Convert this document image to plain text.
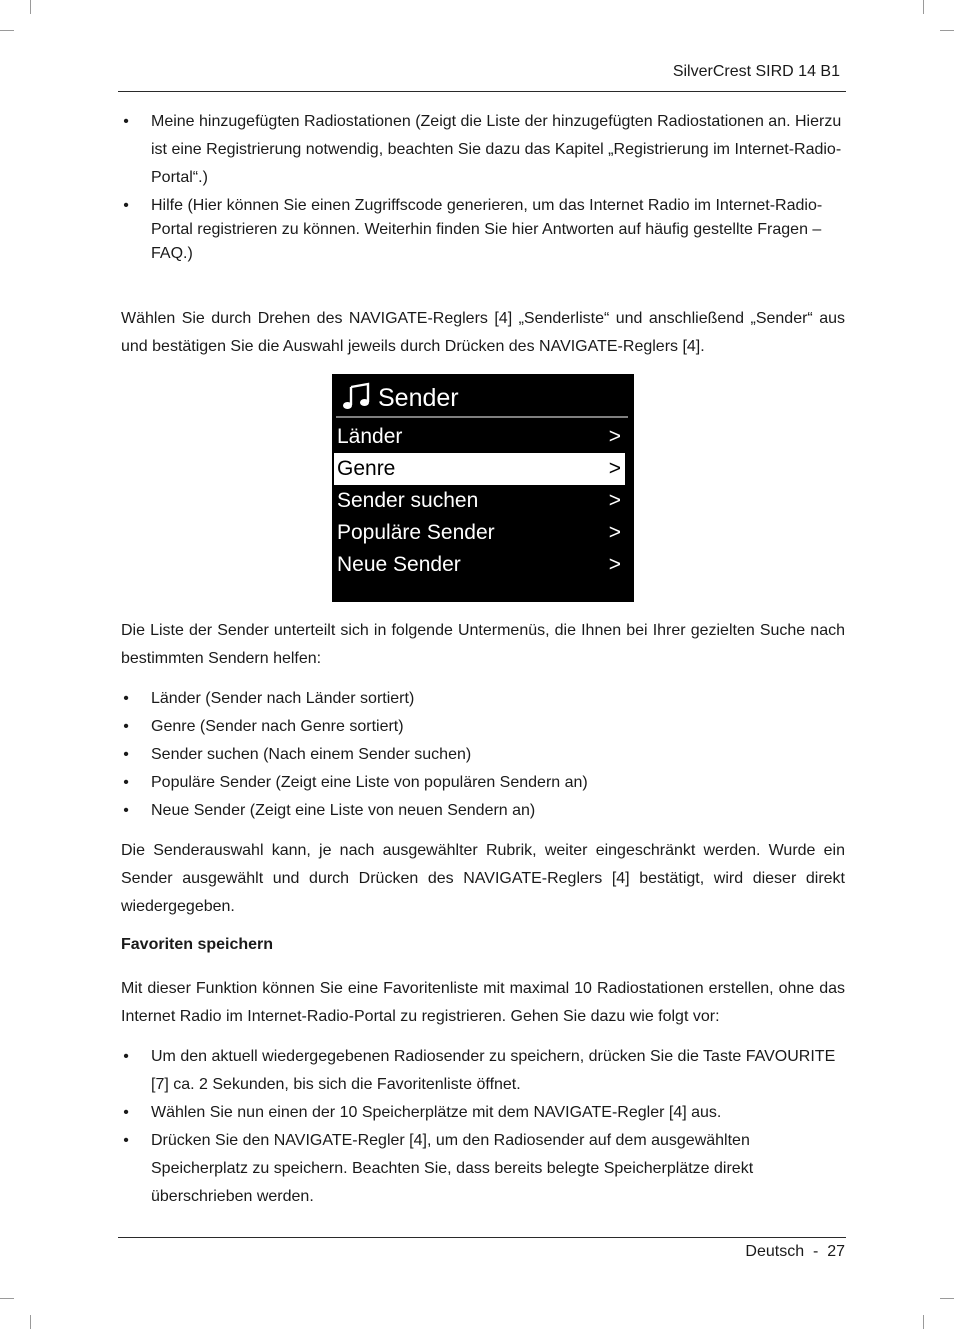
SilverCrest SIRD 14 B1
• Meine hinzugefügten Radiostationen (Zeigt die Liste der hinzugefügten Radiostationen an. Hierzu ist eine Registrierung notwendig, beachten Sie dazu das Kapitel „Registrierung im Internet-Radio-Portal“.)
• Hilfe (Hier können Sie einen Zugriffscode generieren, um das Internet Radio im Internet-Radio-Portal registrieren zu können. Weiterhin finden Sie hier Antworten auf häufig gestellte Fragen – FAQ.)
Wählen Sie durch Drehen des NAVIGATE-Reglers [4] „Senderliste“ und anschließend „Sender“ aus und bestätigen Sie die Auswahl jeweils durch Drücken des NAVIGATE-Reglers [4].
Sender
Länder	>
Genre	>
Sender suchen	>
Populäre Sender	>
Neue Sender	>
Die Liste der Sender unterteilt sich in folgende Untermenüs, die Ihnen bei Ihrer gezielten Suche nach bestimmten Sendern helfen:
• Länder (Sender nach Länder sortiert)
• Genre (Sender nach Genre sortiert)
• Sender suchen (Nach einem Sender suchen)
• Populäre Sender (Zeigt eine Liste von populären Sendern an)
• Neue Sender (Zeigt eine Liste von neuen Sendern an)
Die Senderauswahl kann, je nach ausgewählter Rubrik, weiter eingeschränkt werden. Wurde ein Sender ausgewählt und durch Drücken des NAVIGATE-Reglers [4] bestätigt, wird dieser direkt wiedergegeben.
Favoriten speichern
Mit dieser Funktion können Sie eine Favoritenliste mit maximal 10 Radiostationen erstellen, ohne das Internet Radio im Internet-Radio-Portal zu registrieren. Gehen Sie dazu wie folgt vor:
• Um den aktuell wiedergegebenen Radiosender zu speichern, drücken Sie die Taste FAVOURITE [7] ca. 2 Sekunden, bis sich die Favoritenliste öffnet.
• Wählen Sie nun einen der 10 Speicherplätze mit dem NAVIGATE-Regler [4] aus.
• Drücken Sie den NAVIGATE-Regler [4], um den Radiosender auf dem ausgewählten Speicherplatz zu speichern. Beachten Sie, dass bereits belegte Speicherplätze direkt überschrieben werden.
Deutsch  -  27
